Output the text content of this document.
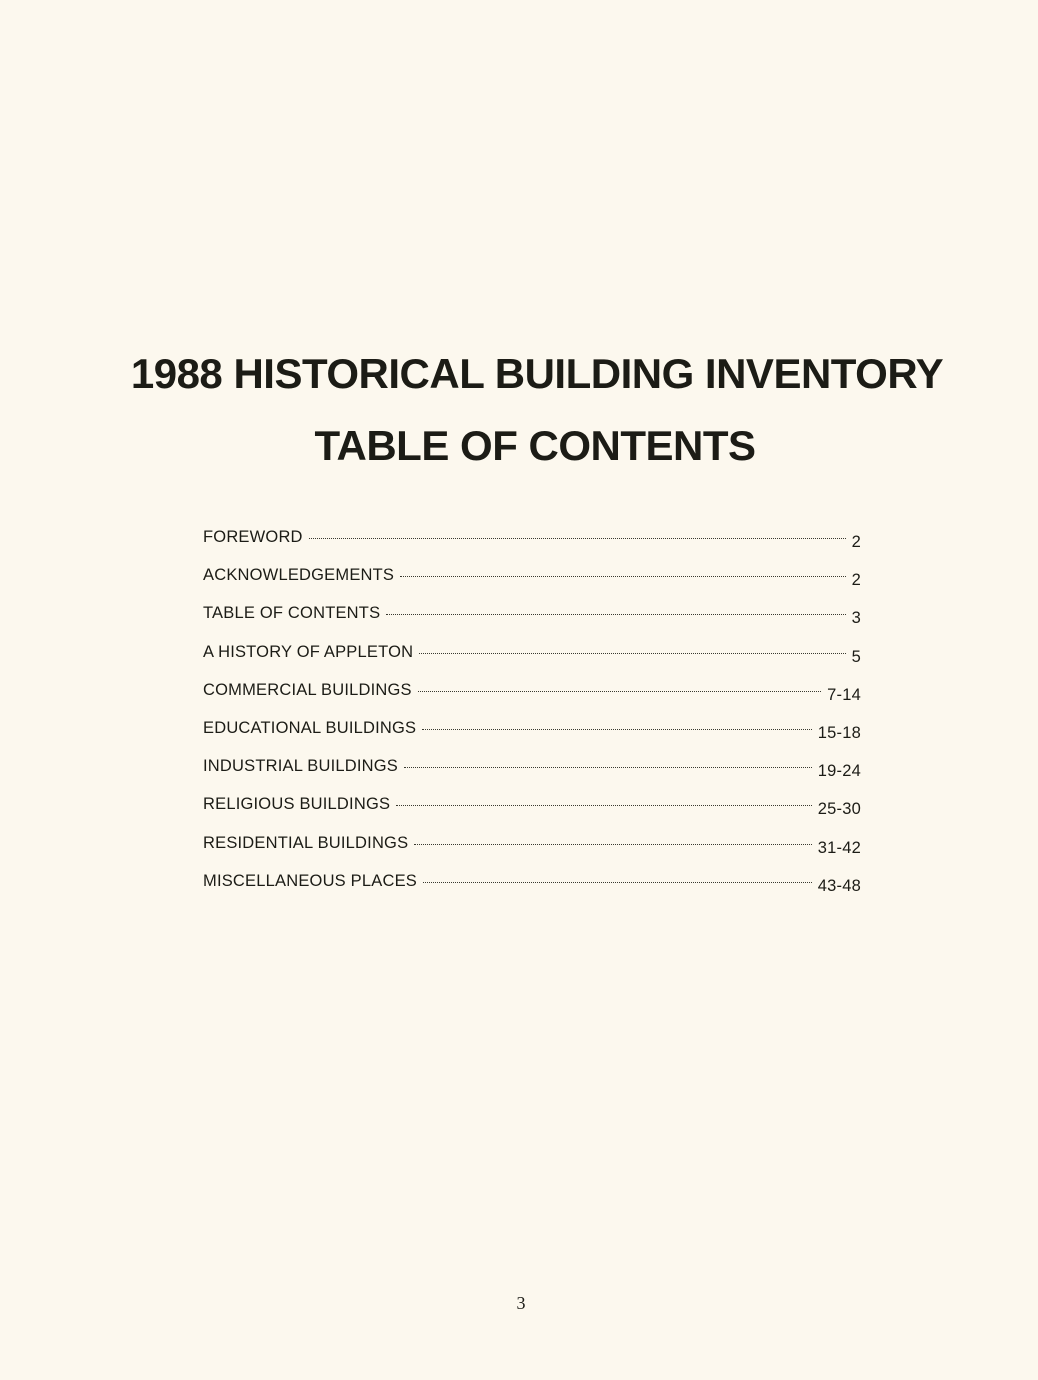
1988 HISTORICAL BUILDING INVENTORY
TABLE OF CONTENTS
FOREWORD	2
ACKNOWLEDGEMENTS	2
TABLE OF CONTENTS	3
A HISTORY OF APPLETON	5
COMMERCIAL BUILDINGS	7-14
EDUCATIONAL BUILDINGS	15-18
INDUSTRIAL BUILDINGS	19-24
RELIGIOUS BUILDINGS	25-30
RESIDENTIAL BUILDINGS	31-42
MISCELLANEOUS PLACES	43-48
3
